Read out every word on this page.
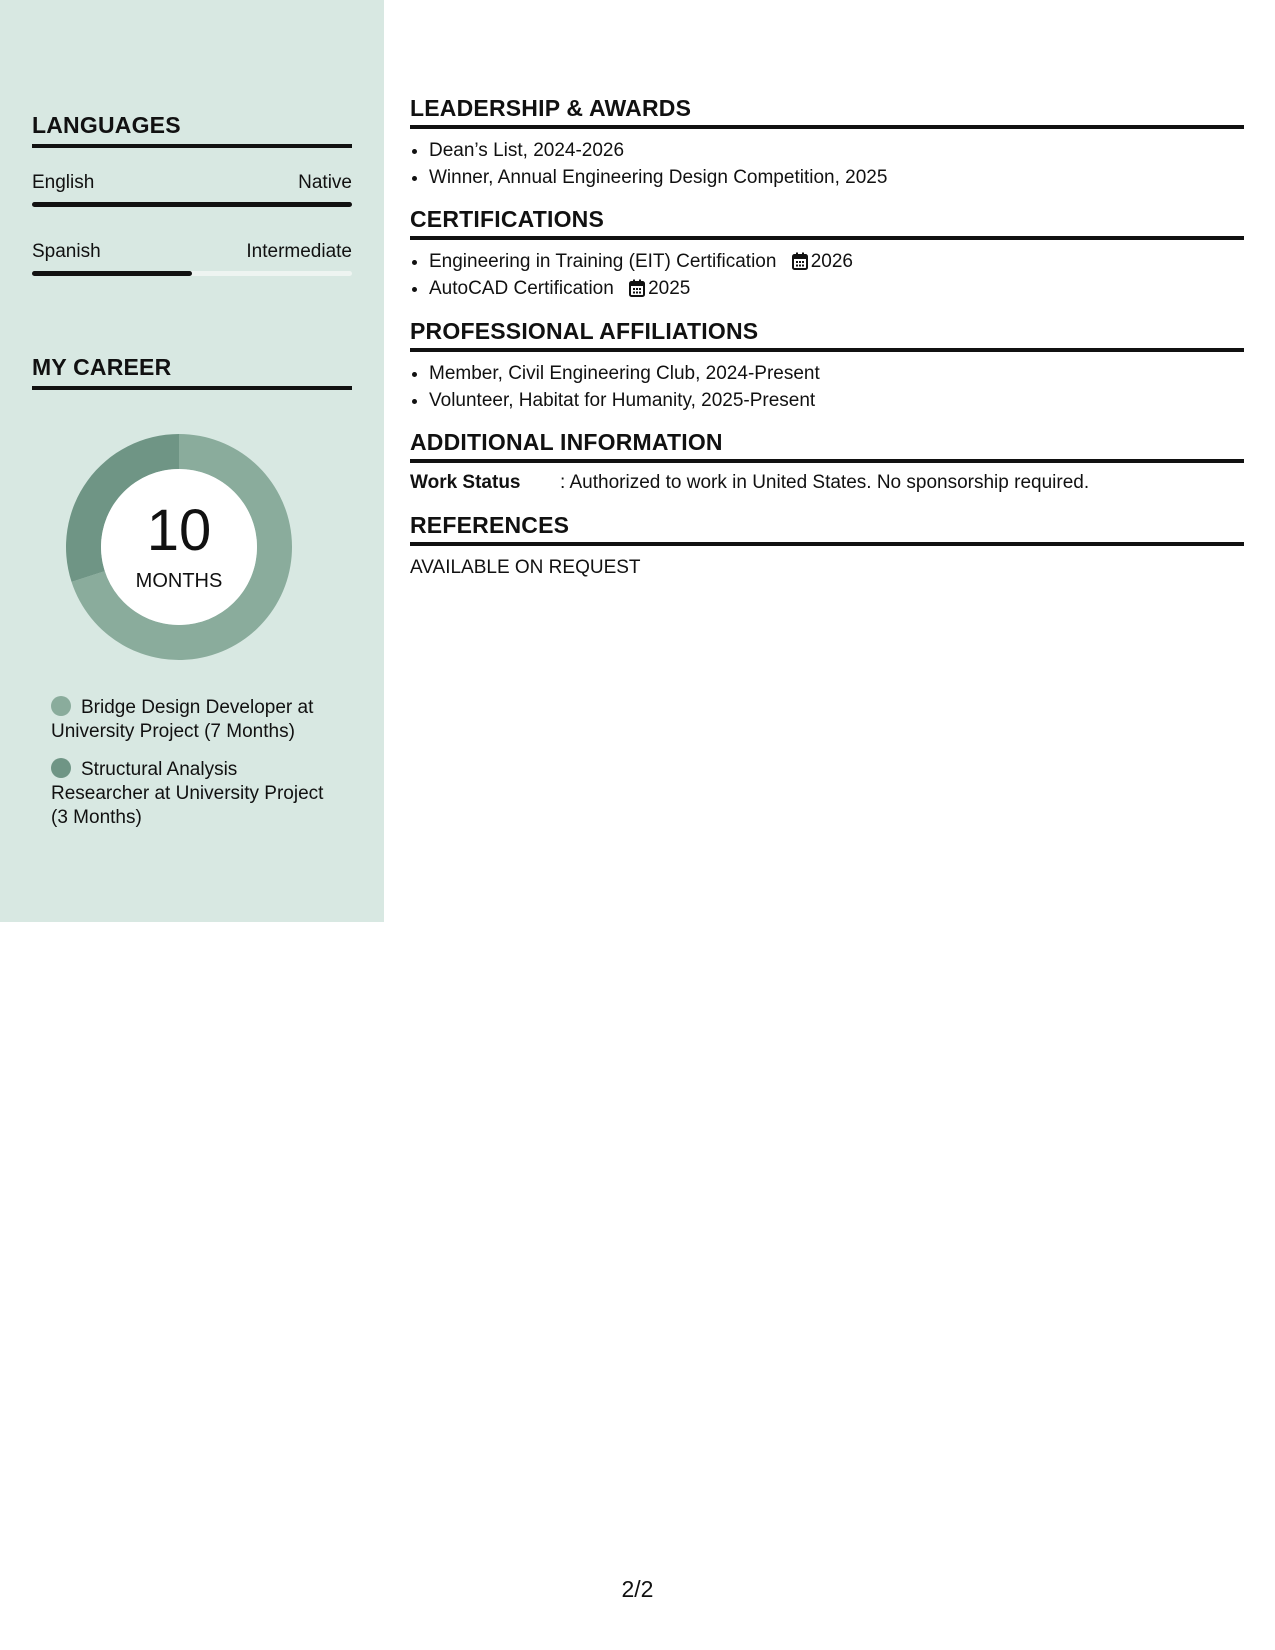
LANGUAGES
English	Native
Spanish	Intermediate
MY CAREER
10
MONTHS
Bridge Design Developer at University Project (7 Months)
Structural Analysis Researcher at University Project (3 Months)
LEADERSHIP & AWARDS
• Dean’s List, 2024-2026
• Winner, Annual Engineering Design Competition, 2025
CERTIFICATIONS
• Engineering in Training (EIT) Certification 2026
• AutoCAD Certification 2025
PROFESSIONAL AFFILIATIONS
• Member, Civil Engineering Club, 2024-Present
• Volunteer, Habitat for Humanity, 2025-Present
ADDITIONAL INFORMATION
Work Status : Authorized to work in United States. No sponsorship required.
REFERENCES
AVAILABLE ON REQUEST
2/2
